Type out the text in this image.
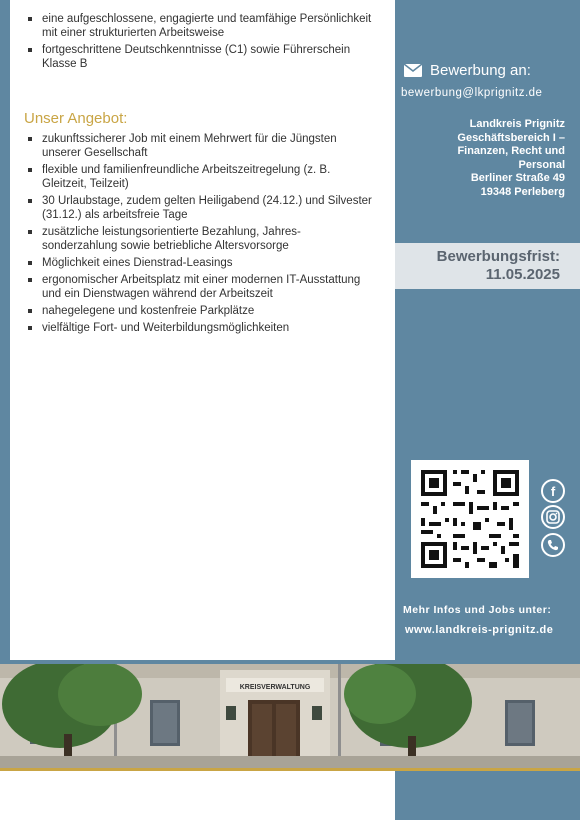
eine aufgeschlossene, engagierte und teamfähige Persönlichkeit mit einer strukturierten Arbeitsweise
fortgeschrittene Deutschkenntnisse (C1) sowie Führerschein Klasse B
Unser Angebot:
zukunftssicherer Job mit einem Mehrwert für die Jüngsten unserer Gesellschaft
flexible und familienfreundliche Arbeitszeitregelung (z. B. Gleitzeit, Teilzeit)
30 Urlaubstage, zudem gelten Heiligabend (24.12.) und Silvester (31.12.) als arbeitsfreie Tage
zusätzliche leistungsorientierte Bezahlung, Jahres-sonderzahlung sowie betriebliche Altersvorsorge
Möglichkeit eines Dienstrad-Leasings
ergonomischer Arbeitsplatz mit einer modernen IT-Ausstattung und ein Dienstwagen während der Arbeitszeit
nahegelegene und kostenfreie Parkplätze
vielfältige Fort- und Weiterbildungsmöglichkeiten
Bewerbung an:
bewerbung@lkprignitz.de
Landkreis Prignitz
Geschäftsbereich I –
Finanzen, Recht und
Personal
Berliner Straße 49
19348 Perleberg
Bewerbungsfrist:
11.05.2025
f
Mehr Infos und Jobs unter:
www.landkreis-prignitz.de
KREISVERWALTUNG
